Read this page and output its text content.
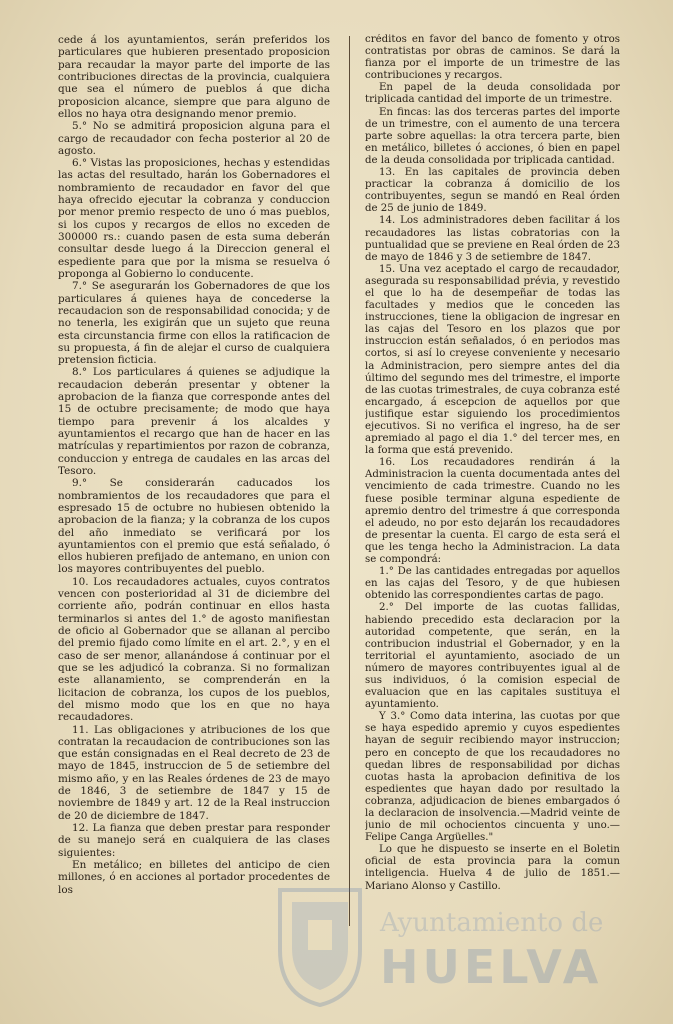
cede á los ayuntamientos, serán preferidos los particulares que hubieren presentado proposicion para recaudar la mayor parte del importe de las contribuciones directas de la provincia, cualquiera que sea el número de pueblos á que dicha proposicion alcance, siempre que para alguno de ellos no haya otra designando menor premio.

5.° No se admitirá proposicion alguna para el cargo de recaudador con fecha posterior al 20 de agosto.

6.° Vistas las proposiciones, hechas y estendidas las actas del resultado, harán los Gobernadores el nombramiento de recaudador en favor del que haya ofrecido ejecutar la cobranza y conduccion por menor premio respecto de uno ó mas pueblos, si los cupos y recargos de ellos no exceden de 300000 rs.: cuando pasen de esta suma deberán consultar desde luego á la Direccion general el espediente para que por la misma se resuelva ó proponga al Gobierno lo conducente.

7.° Se asegurarán los Gobernadores de que los particulares á quienes haya de concederse la recaudacion son de responsabilidad conocida; y de no tenerla, les exigirán que un sujeto que reuna esta circunstancia firme con ellos la ratificacion de su propuesta, á fin de alejar el curso de cualquiera pretension ficticia.

8.° Los particulares á quienes se adjudique la recaudacion deberán presentar y obtener la aprobacion de la fianza que corresponde antes del 15 de octubre precisamente; de modo que haya tiempo para prevenir á los alcaldes y ayuntamientos el recargo que han de hacer en las matrículas y repartimientos por razon de cobranza, conduccion y entrega de caudales en las arcas del Tesoro.

9.° Se considerarán caducados los nombramientos de los recaudadores que para el espresado 15 de octubre no hubiesen obtenido la aprobacion de la fianza; y la cobranza de los cupos del año inmediato se verificará por los ayuntamientos con el premio que está señalado, ó ellos hubieren prefijado de antemano, en union con los mayores contribuyentes del pueblo.

10. Los recaudadores actuales, cuyos contratos vencen con posterioridad al 31 de diciembre del corriente año, podrán continuar en ellos hasta terminarlos si antes del 1.° de agosto manifiestan de oficio al Gobernador que se allanan al percibo del premio fijado como límite en el art. 2.°, y en el caso de ser menor, allanándose á continuar por el que se les adjudicó la cobranza. Si no formalizan este allanamiento, se comprenderán en la licitacion de cobranza, los cupos de los pueblos, del mismo modo que los en que no haya recaudadores.

11. Las obligaciones y atribuciones de los que contratan la recaudacion de contribuciones son las que están consignadas en el Real decreto de 23 de mayo de 1845, instruccion de 5 de setiembre del mismo año, y en las Reales órdenes de 23 de mayo de 1846, 3 de setiembre de 1847 y 15 de noviembre de 1849 y art. 12 de la Real instruccion de 20 de diciembre de 1847.

12. La fianza que deben prestar para responder de su manejo será en cualquiera de las clases siguientes:

En metálico; en billetes del anticipo de cien millones, ó en acciones al portador procedentes de los

créditos en favor del banco de fomento y otros contratistas por obras de caminos. Se dará la fianza por el importe de un trimestre de las contribuciones y recargos.

En papel de la deuda consolidada por triplicada cantidad del importe de un trimestre.

En fincas: las dos terceras partes del importe de un trimestre, con el aumento de una tercera parte sobre aquellas: la otra tercera parte, bien en metálico, billetes ó acciones, ó bien en papel de la deuda consolidada por triplicada cantidad.

13. En las capitales de provincia deben practicar la cobranza á domicilio de los contribuyentes, segun se mandó en Real órden de 25 de junio de 1849.

14. Los administradores deben facilitar á los recaudadores las listas cobratorias con la puntualidad que se previene en Real órden de 23 de mayo de 1846 y 3 de setiembre de 1847.

15. Una vez aceptado el cargo de recaudador, asegurada su responsabilidad prévia, y revestido el que lo ha de desempeñar de todas las facultades y medios que le conceden las instrucciones, tiene la obligacion de ingresar en las cajas del Tesoro en los plazos que por instruccion están señalados, ó en periodos mas cortos, si así lo creyese conveniente y necesario la Administracion, pero siempre antes del dia último del segundo mes del trimestre, el importe de las cuotas trimestrales, de cuya cobranza esté encargado, á escepcion de aquellos por que justifique estar siguiendo los procedimientos ejecutivos. Si no verifica el ingreso, ha de ser apremiado al pago el dia 1.° del tercer mes, en la forma que está prevenido.

16. Los recaudadores rendirán á la Administracion la cuenta documentada antes del vencimiento de cada trimestre. Cuando no les fuese posible terminar alguna espediente de apremio dentro del trimestre á que corresponda el adeudo, no por esto dejarán los recaudadores de presentar la cuenta. El cargo de esta será el que les tenga hecho la Administracion. La data se compondrá:

1.° De las cantidades entregadas por aquellos en las cajas del Tesoro, y de que hubiesen obtenido las correspondientes cartas de pago.

2.° Del importe de las cuotas fallidas, habiendo precedido esta declaracion por la autoridad competente, que serán, en la contribucion industrial el Gobernador, y en la territorial el ayuntamiento, asociado de un número de mayores contribuyentes igual al de sus individuos, ó la comision especial de evaluacion que en las capitales sustituya el ayuntamiento.

Y 3.° Como data interina, las cuotas por que se haya espedido apremio y cuyos espedientes hayan de seguir recibiendo mayor instruccion; pero en concepto de que los recaudadores no quedan libres de responsabilidad por dichas cuotas hasta la aprobacion definitiva de los espedientes que hayan dado por resultado la cobranza, adjudicacion de bienes embargados ó la declaracion de insolvencia.—Madrid veinte de junio de mil ochocientos cincuenta y uno.—Felipe Canga Argüelles."

Lo que he dispuesto se inserte en el Boletin oficial de esta provincia para la comun inteligencia. Huelva 4 de julio de 1851.—Mariano Alonso y Castillo.

Ayuntamiento de
HUELVA
